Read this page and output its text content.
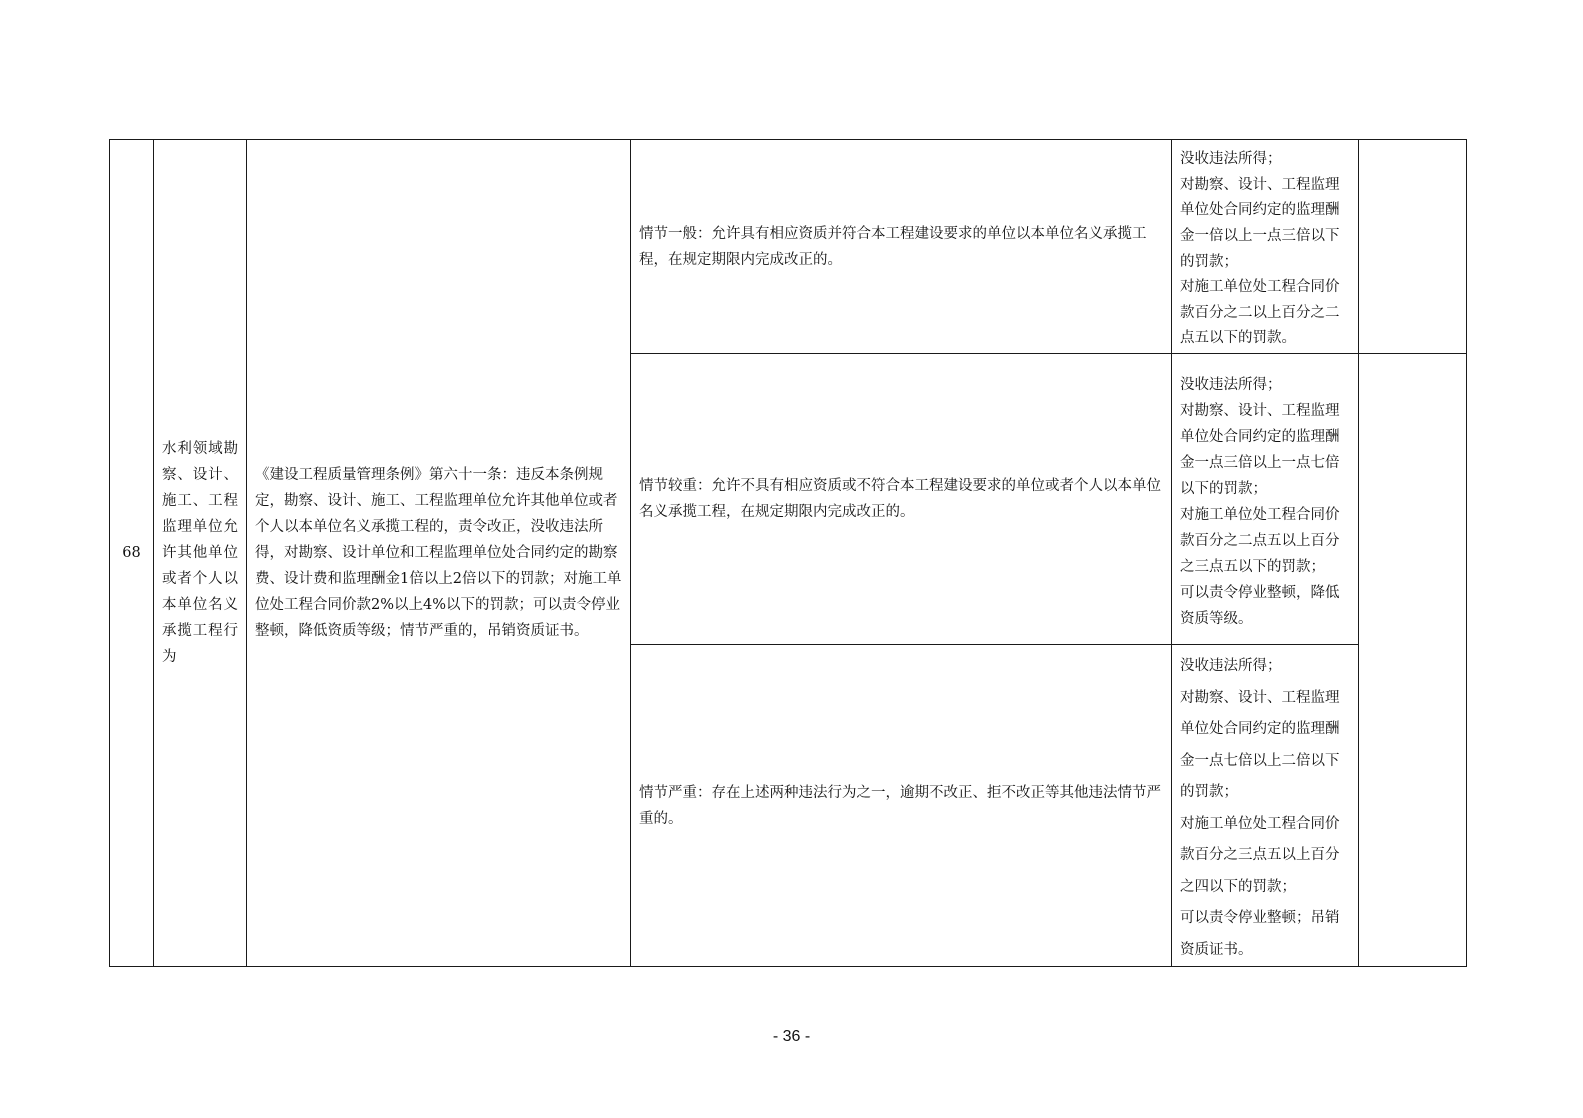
68	水利领域勘察、设计、施工、工程监理单位允许其他单位或者个人以本单位名义承揽工程行为	《建设工程质量管理条例》第六十一条：违反本条例规定，勘察、设计、施工、工程监理单位允许其他单位或者个人以本单位名义承揽工程的，责令改正，没收违法所得，对勘察、设计单位和工程监理单位处合同约定的勘察费、设计费和监理酬金1倍以上2倍以下的罚款；对施工单位处工程合同价款2%以上4%以下的罚款；可以责令停业整顿，降低资质等级；情节严重的，吊销资质证书。	情节一般：允许具有相应资质并符合本工程建设要求的单位以本单位名义承揽工程，在规定期限内完成改正的。	没收违法所得；
对勘察、设计、工程监理单位处合同约定的监理酬金一倍以上一点三倍以下的罚款；
对施工单位处工程合同价款百分之二以上百分之二点五以下的罚款。	

			情节较重：允许不具有相应资质或不符合本工程建设要求的单位或者个人以本单位名义承揽工程，在规定期限内完成改正的。	没收违法所得；
对勘察、设计、工程监理单位处合同约定的监理酬金一点三倍以上一点七倍以下的罚款；
对施工单位处工程合同价款百分之二点五以上百分之三点五以下的罚款；
可以责令停业整顿，降低资质等级。	

			情节严重：存在上述两种违法行为之一，逾期不改正、拒不改正等其他违法情节严重的。	没收违法所得；
对勘察、设计、工程监理单位处合同约定的监理酬金一点七倍以上二倍以下的罚款；
对施工单位处工程合同价款百分之三点五以上百分之四以下的罚款；
可以责令停业整顿；吊销资质证书。	
- 36 -
